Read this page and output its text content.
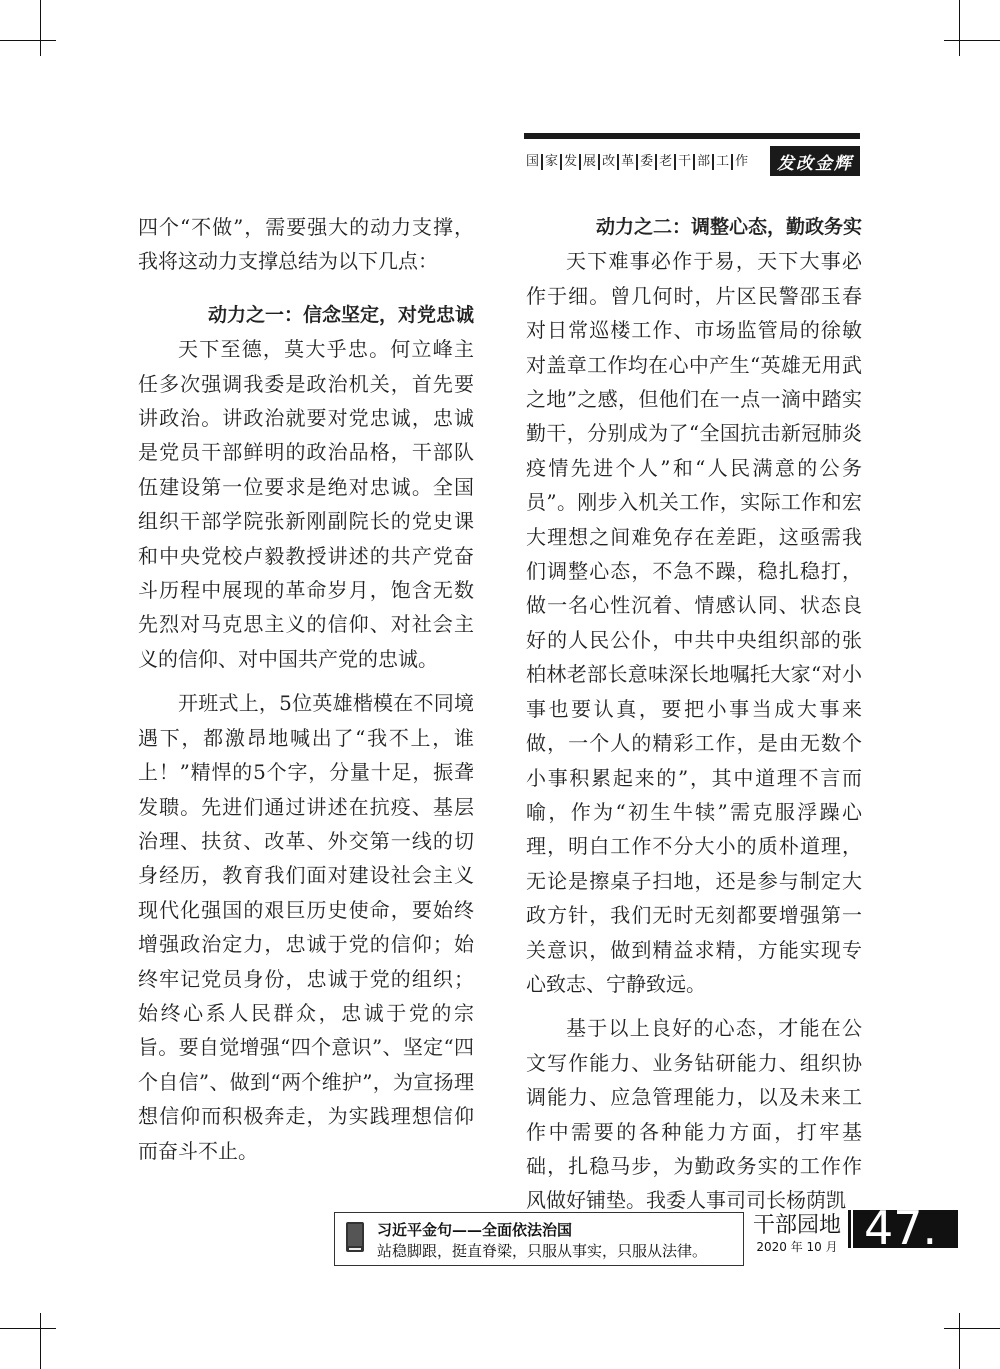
国 家 发 展 改 革 委 老 干 部 工 作	发改金辉

四个“不做”，需要强大的动力支撑，我将这动力支撑总结为以下几点：

动力之一：信念坚定，对党忠诚

天下至德，莫大乎忠。何立峰主任多次强调我委是政治机关，首先要讲政治。讲政治就要对党忠诚，忠诚是党员干部鲜明的政治品格，干部队伍建设第一位要求是绝对忠诚。全国组织干部学院张新刚副院长的党史课和中央党校卢毅教授讲述的共产党奋斗历程中展现的革命岁月，饱含无数先烈对马克思主义的信仰、对社会主义的信仰、对中国共产党的忠诚。

开班式上，5位英雄楷模在不同境遇下，都激昂地喊出了“我不上，谁上！”精悍的5个字，分量十足，振聋发聩。先进们通过讲述在抗疫、基层治理、扶贫、改革、外交第一线的切身经历，教育我们面对建设社会主义现代化强国的艰巨历史使命，要始终增强政治定力，忠诚于党的信仰；始终牢记党员身份，忠诚于党的组织；始终心系人民群众，忠诚于党的宗旨。要自觉增强“四个意识”、坚定“四个自信”、做到“两个维护”，为宣扬理想信仰而积极奔走，为实践理想信仰而奋斗不止。

动力之二：调整心态，勤政务实

天下难事必作于易，天下大事必作于细。曾几何时，片区民警邵玉春对日常巡楼工作、市场监管局的徐敏对盖章工作均在心中产生“英雄无用武之地”之感，但他们在一点一滴中踏实勤干，分别成为了“全国抗击新冠肺炎疫情先进个人”和“人民满意的公务员”。刚步入机关工作，实际工作和宏大理想之间难免存在差距，这亟需我们调整心态，不急不躁，稳扎稳打，做一名心性沉着、情感认同、状态良好的人民公仆，中共中央组织部的张柏林老部长意味深长地嘱托大家“对小事也要认真，要把小事当成大事来做，一个人的精彩工作，是由无数个小事积累起来的”，其中道理不言而喻，作为“初生牛犊”需克服浮躁心理，明白工作不分大小的质朴道理，无论是擦桌子扫地，还是参与制定大政方针，我们无时无刻都要增强第一关意识，做到精益求精，方能实现专心致志、宁静致远。

基于以上良好的心态，才能在公文写作能力、业务钻研能力、组织协调能力、应急管理能力，以及未来工作中需要的各种能力方面，打牢基础，扎稳马步，为勤政务实的工作作风做好铺垫。我委人事司司长杨荫凯

习近平金句——全面依法治国
站稳脚跟，挺直脊梁，只服从事实，只服从法律。
干部园地
2020 年 10 月 47.
